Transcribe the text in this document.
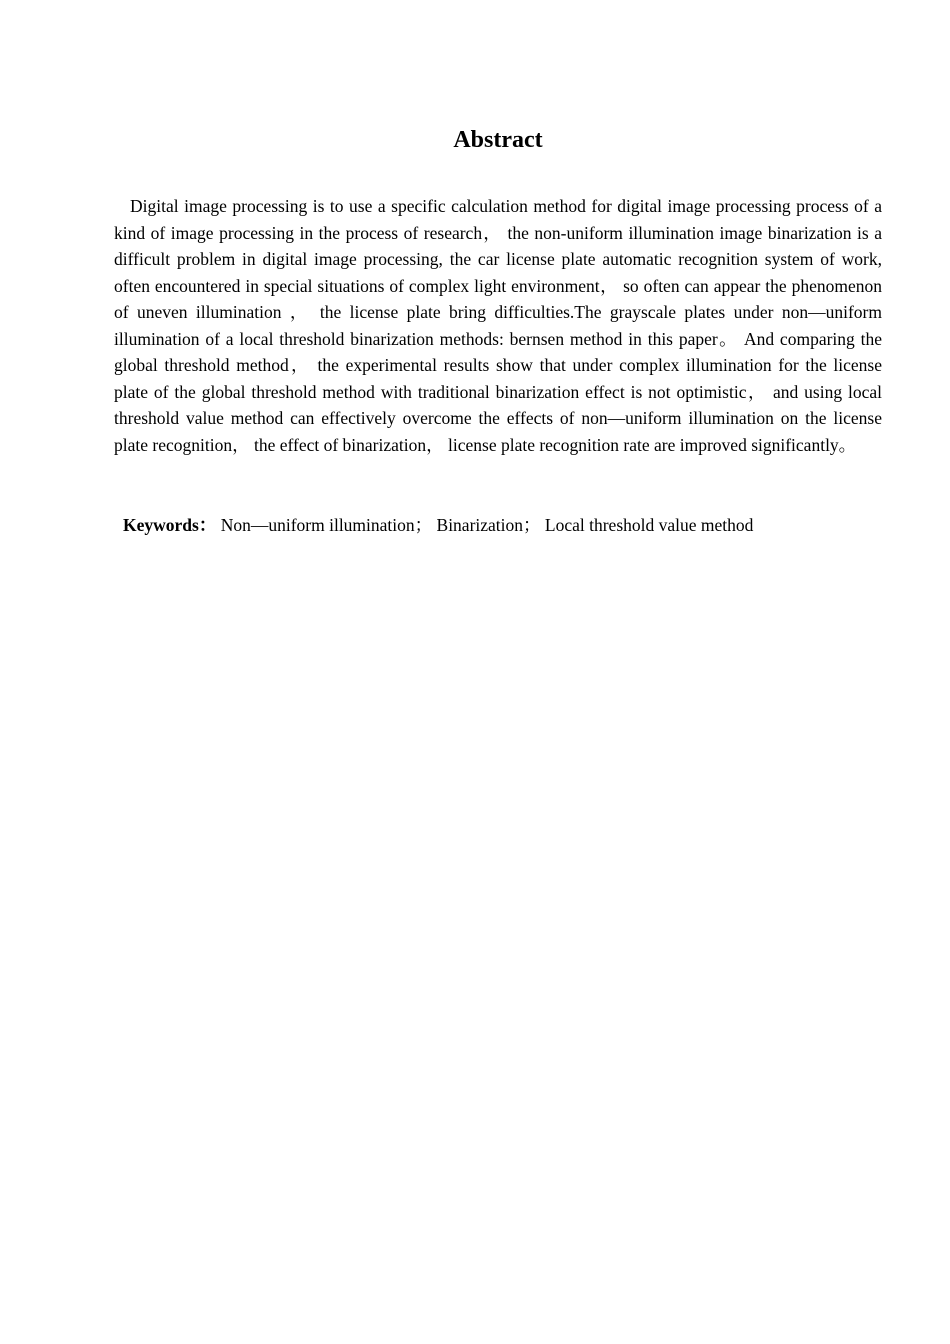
Abstract

Digital image processing is to use a specific calculation method for digital image processing process of a kind of image processing in the process of research， the non-uniform illumination image binarization is a difficult problem in digital image processing, the car license plate automatic recognition system of work, often encountered in special situations of complex light environment， so often can appear the phenomenon of uneven illumination ， the license plate bring difficulties.The grayscale plates under non—uniform illumination of a local threshold binarization methods: bernsen method in this paper。 And comparing the global threshold method， the experimental results show that under complex illumination for the license plate of the global threshold method with traditional binarization effect is not optimistic， and using local threshold value method can effectively overcome the effects of non—uniform illumination on the license plate recognition， the effect of binarization， license plate recognition rate are improved significantly。

Keywords： Non—uniform illumination； Binarization； Local threshold value method
